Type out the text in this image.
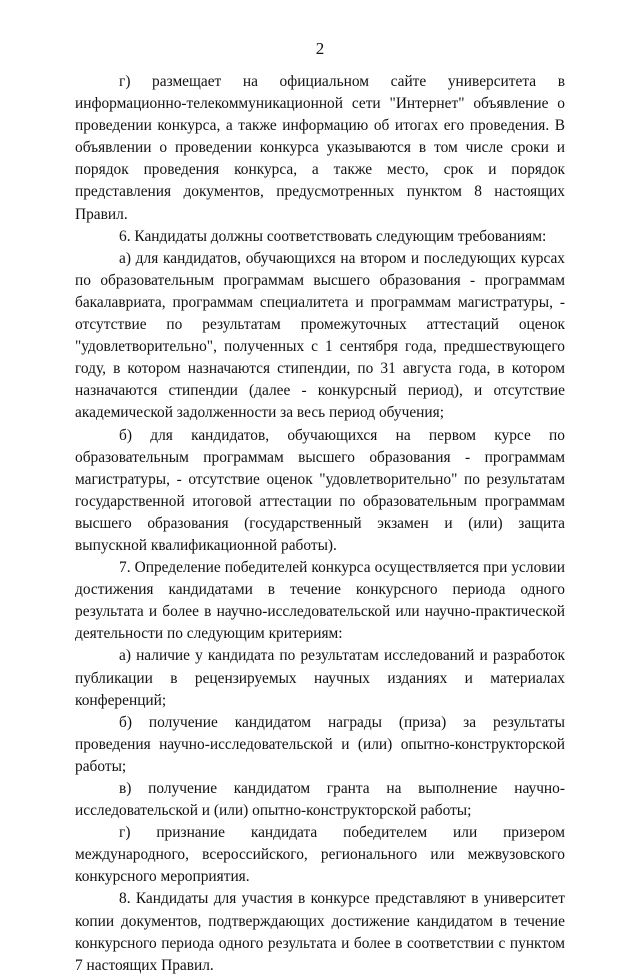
2

г) размещает на официальном сайте университета в информационно-телекоммуникационной сети "Интернет" объявление о проведении конкурса, а также информацию об итогах его проведения. В объявлении о проведении конкурса указываются в том числе сроки и порядок проведения конкурса, а также место, срок и порядок представления документов, предусмотренных пунктом 8 настоящих Правил.

6. Кандидаты должны соответствовать следующим требованиям:

а) для кандидатов, обучающихся на втором и последующих курсах по образовательным программам высшего образования - программам бакалавриата, программам специалитета и программам магистратуры, - отсутствие по результатам промежуточных аттестаций оценок "удовлетворительно", полученных с 1 сентября года, предшествующего году, в котором назначаются стипендии, по 31 августа года, в котором назначаются стипендии (далее - конкурсный период), и отсутствие академической задолженности за весь период обучения;

б) для кандидатов, обучающихся на первом курсе по образовательным программам высшего образования - программам магистратуры, - отсутствие оценок "удовлетворительно" по результатам государственной итоговой аттестации по образовательным программам высшего образования (государственный экзамен и (или) защита выпускной квалификационной работы).

7. Определение победителей конкурса осуществляется при условии достижения кандидатами в течение конкурсного периода одного результата и более в научно-исследовательской или научно-практической деятельности по следующим критериям:

а) наличие у кандидата по результатам исследований и разработок публикации в рецензируемых научных изданиях и материалах конференций;

б) получение кандидатом награды (приза) за результаты проведения научно-исследовательской и (или) опытно-конструкторской работы;

в) получение кандидатом гранта на выполнение научно-исследовательской и (или) опытно-конструкторской работы;

г) признание кандидата победителем или призером международного, всероссийского, регионального или межвузовского конкурсного мероприятия.

8. Кандидаты для участия в конкурсе представляют в университет копии документов, подтверждающих достижение кандидатом в течение конкурсного периода одного результата и более в соответствии с пунктом 7 настоящих Правил.
